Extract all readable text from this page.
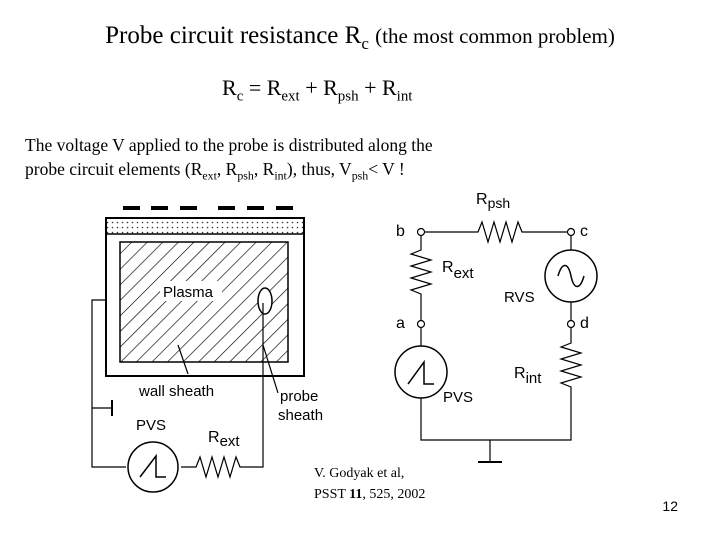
Probe circuit resistance $R_c$ (the most common problem)
$R_c = R_{ext} + R_{psh} + R_{int}$
The voltage V applied to the probe is distributed along the
probe circuit elements ($R_{ext}$, $R_{psh}$, $R_{int}$), thus, $V_{psh}< V$ !
Plasma
wall sheath	probe
sheath
PVS
Rext
b	c
a	d
Rpsh
Rext
RVS
Rint
PVS
V. Godyak et al,
PSST 11, 525, 2002
12
